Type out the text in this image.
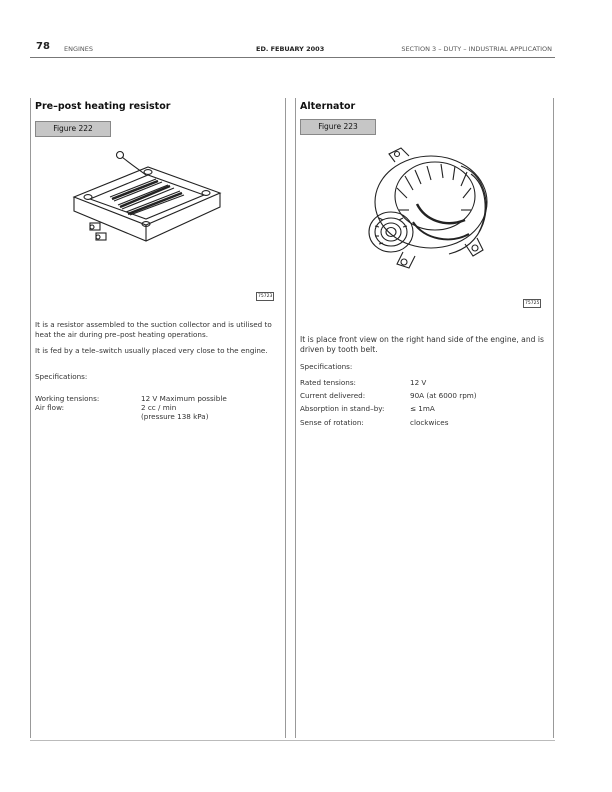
78 ENGINES	ED. FEBUARY 2003	SECTION 3 – DUTY – INDUSTRIAL APPLICATION
Pre–post heating resistor
Figure 222
75723
It is a resistor assembled to the suction collector and is utilised to heat the air during pre–post heating operations.
It is fed by a tele–switch usually placed very close to the engine.
Specifications:
Working tensions:	12 V Maximum possible
Air flow:	2 cc / min
(pressure 138 kPa)
Alternator
Figure 223
75725
It is place front view on the right hand side of the engine, and is driven by tooth belt.
Specifications:
Rated tensions:	12 V
Current delivered:	90A (at 6000 rpm)
Absorption in stand–by:	≤ 1mA
Sense of rotation:	clockwices
